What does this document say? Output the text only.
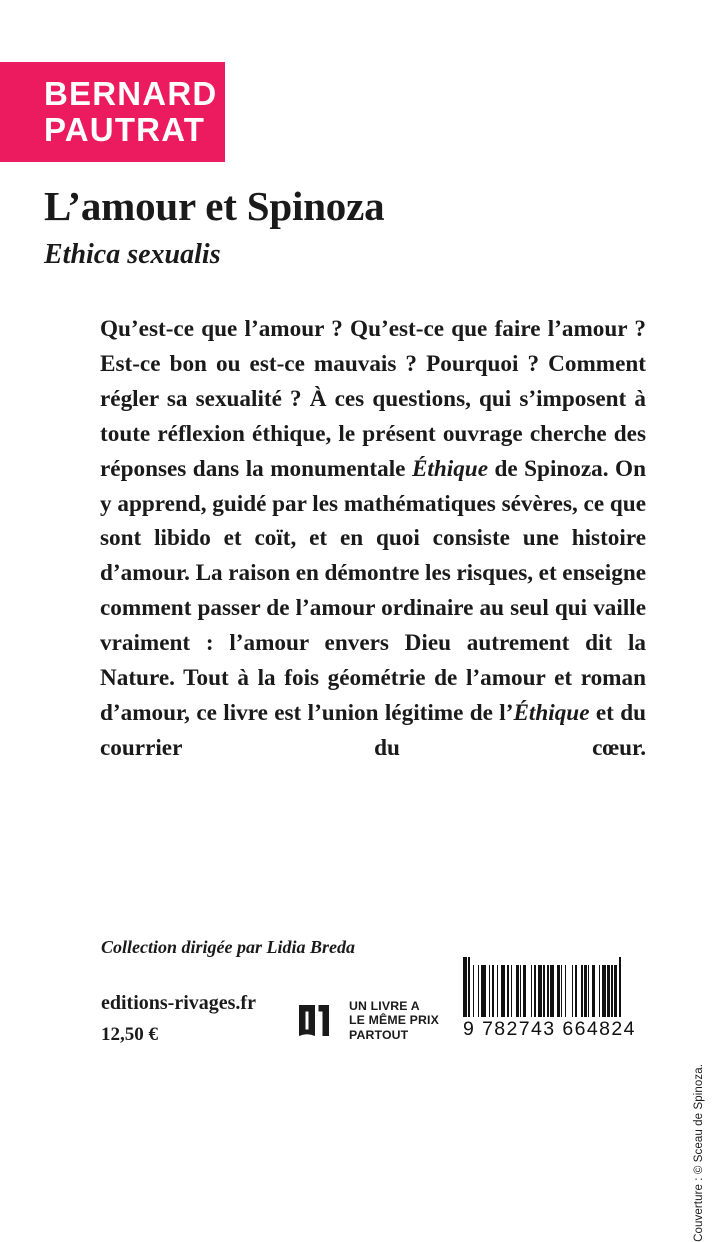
BERNARD
PAUTRAT
L’amour et Spinoza
Ethica sexualis
Qu’est-ce que l’amour ? Qu’est-ce que faire l’amour ? Est-ce bon ou est-ce mauvais ? Pourquoi ? Comment régler sa sexualité ? À ces questions, qui s’imposent à toute réflexion éthique, le présent ouvrage cherche des réponses dans la monumentale Éthique de Spinoza. On y apprend, guidé par les mathématiques sévères, ce que sont libido et coït, et en quoi consiste une histoire d’amour. La raison en démontre les risques, et enseigne comment passer de l’amour ordinaire au seul qui vaille vraiment : l’amour envers Dieu autrement dit la Nature. Tout à la fois géométrie de l’amour et roman d’amour, ce livre est l’union légitime de l’Éthique et du courrier du cœur.
Collection dirigée par Lidia Breda
editions-rivages.fr
12,50 €
UN LIVRE A
LE MÊME PRIX
PARTOUT	9 782743 664824
Couverture : © Sceau de Spinoza.
